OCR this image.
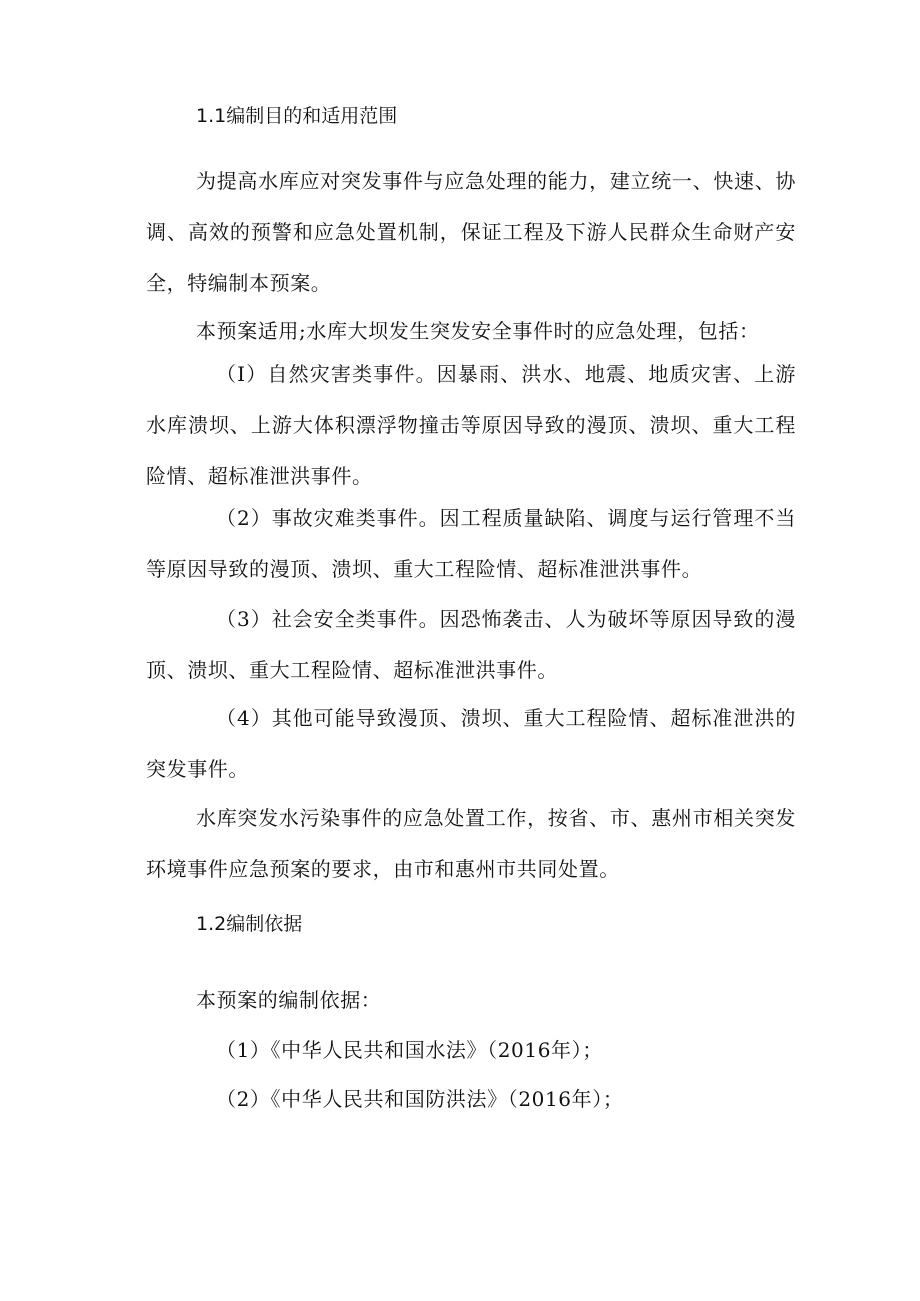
1.1编制目的和适用范围

为提高水库应对突发事件与应急处理的能力，建立统一、快速、协调、高效的预警和应急处置机制，保证工程及下游人民群众生命财产安全，特编制本预案。

本预案适用;水库大坝发生突发安全事件时的应急处理，包括：

（I）自然灾害类事件。因暴雨、洪水、地震、地质灾害、上游水库溃坝、上游大体积漂浮物撞击等原因导致的漫顶、溃坝、重大工程险情、超标准泄洪事件。

（2）事故灾难类事件。因工程质量缺陷、调度与运行管理不当等原因导致的漫顶、溃坝、重大工程险情、超标准泄洪事件。

（3）社会安全类事件。因恐怖袭击、人为破坏等原因导致的漫顶、溃坝、重大工程险情、超标准泄洪事件。

（4）其他可能导致漫顶、溃坝、重大工程险情、超标准泄洪的突发事件。

水库突发水污染事件的应急处置工作，按省、市、惠州市相关突发环境事件应急预案的要求，由市和惠州市共同处置。

1.2编制依据
本预案的编制依据：
（1）《中华人民共和国水法》（2016年）；
（2）《中华人民共和国防洪法》（2016年）；
